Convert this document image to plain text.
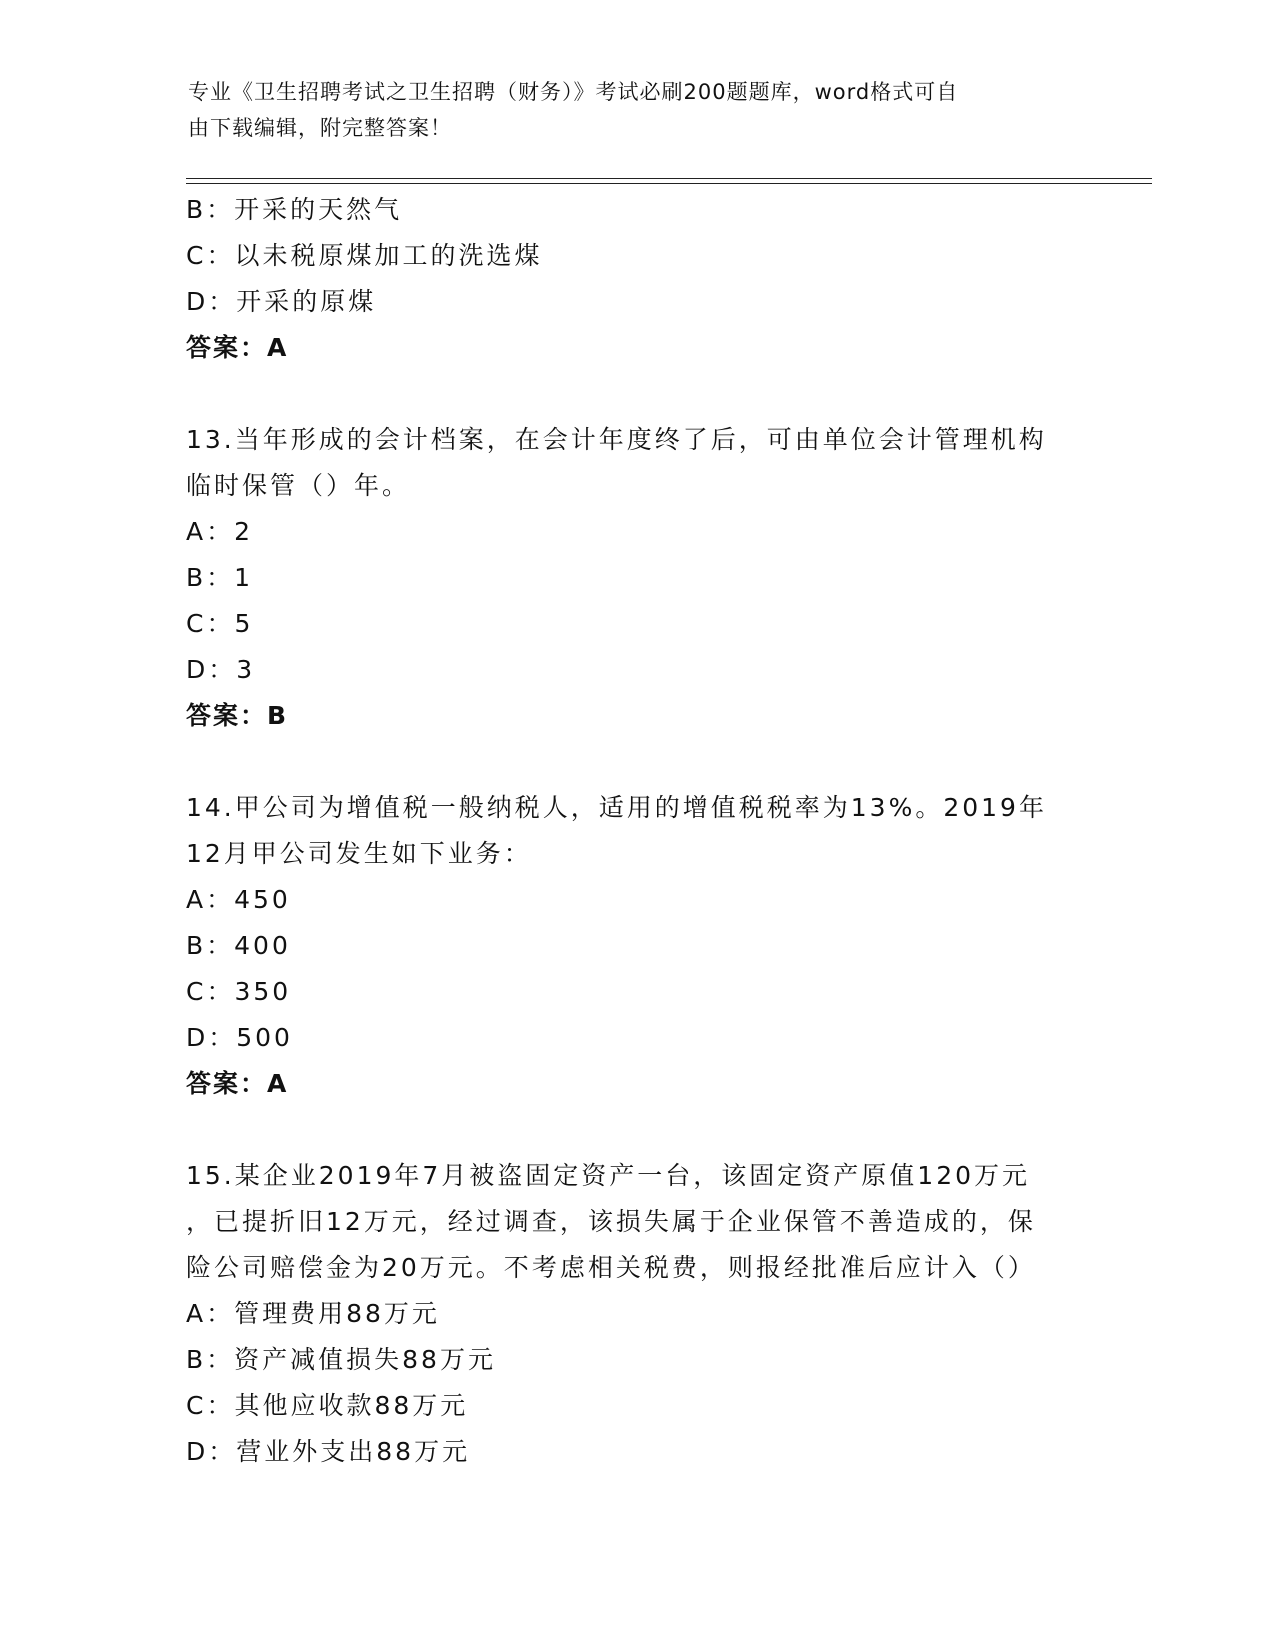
专业《卫生招聘考试之卫生招聘（财务）》考试必刷200题题库，word格式可自
由下载编辑，附完整答案！
B：开采的天然气
C：以未税原煤加工的洗选煤
D：开采的原煤
答案：A
13.当年形成的会计档案，在会计年度终了后，可由单位会计管理机构
临时保管（）年。
A：2
B：1
C：5
D：3
答案：B
14.甲公司为增值税一般纳税人，适用的增值税税率为13%。2019年
12月甲公司发生如下业务：
A：450
B：400
C：350
D：500
答案：A
15.某企业2019年7月被盗固定资产一台，该固定资产原值120万元
，已提折旧12万元，经过调查，该损失属于企业保管不善造成的，保
险公司赔偿金为20万元。不考虑相关税费，则报经批准后应计入（）
A：管理费用88万元
B：资产减值损失88万元
C：其他应收款88万元
D：营业外支出88万元
